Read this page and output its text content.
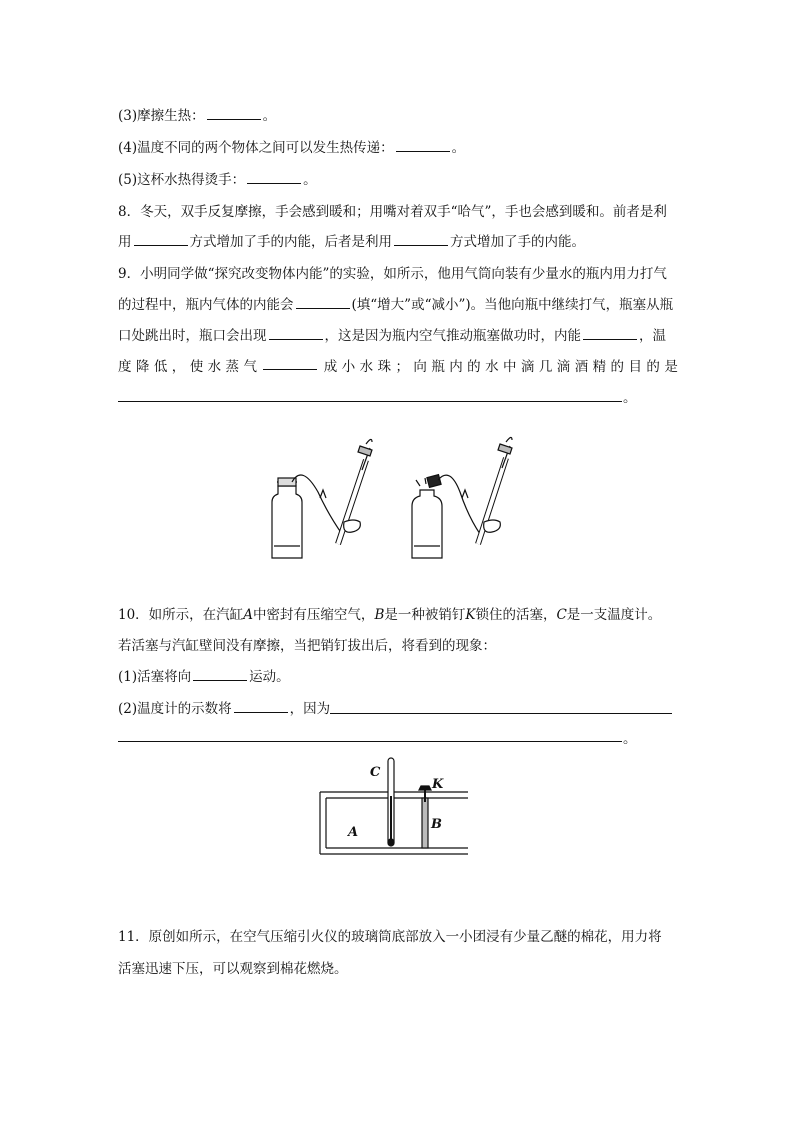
(3)摩擦生热：	。
(4)温度不同的两个物体之间可以发生热传递：	。
(5)这杯水热得烫手：	。
8．冬天，双手反复摩擦，手会感到暖和；用嘴对着双手“哈气”，手也会感到暖和。前者是利
用	方式增加了手的内能，后者是利用	方式增加了手的内能。
9．小明同学做“探究改变物体内能”的实验，如所示，他用气筒向装有少量水的瓶内用力打气
的过程中，瓶内气体的内能会	(填“增大”或“减小”)。当他向瓶中继续打气，瓶塞从瓶
口处跳出时，瓶口会出现	，这是因为瓶内空气推动瓶塞做功时，内能	，温
度 降 低 ， 使 水 蒸 气	成 小 水 珠 ； 向 瓶 内 的 水 中 滴 几 滴 酒 精 的 目 的 是
。
10．如所示，在汽缸A中密封有压缩空气，B是一种被销钉K锁住的活塞，C是一支温度计。
若活塞与汽缸壁间没有摩擦，当把销钉拔出后，将看到的现象：
(1)活塞将向	运动。
(2)温度计的示数将	，因为
。
C
K
A
B
11．原创如所示，在空气压缩引火仪的玻璃筒底部放入一小团浸有少量乙醚的棉花，用力将
活塞迅速下压，可以观察到棉花燃烧。
